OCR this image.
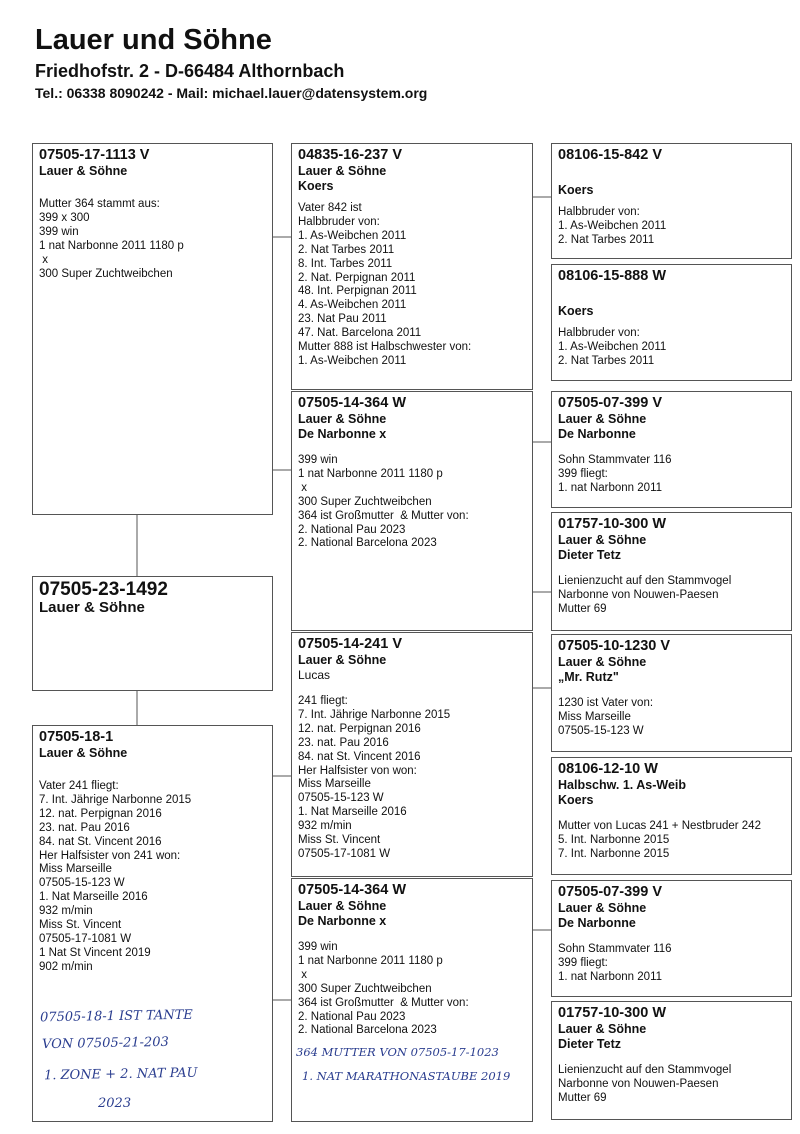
Lauer und Söhne
Friedhofstr. 2 - D-66484 Althornbach
Tel.: 06338 8090242 - Mail: michael.lauer@datensystem.org
07505-17-1113 V
Lauer & Söhne
Mutter 364 stammt aus:
399 x 300
399 win
1 nat Narbonne 2011 1180 p
x
300 Super Zuchtweibchen
07505-23-1492
Lauer & Söhne
07505-18-1
Lauer & Söhne
Vater 241 fliegt:
7. Int. Jährige Narbonne 2015
12. nat. Perpignan 2016
23. nat. Pau 2016
84. nat St. Vincent 2016
Her Halfsister von 241 won:
Miss Marseille
07505-15-123 W
1. Nat Marseille 2016
932 m/min
Miss St. Vincent
07505-17-1081 W
1 Nat St Vincent 2019
902 m/min
04835-16-237 V
Lauer & Söhne
Koers
Vater 842 ist
Halbbruder von:
1. As-Weibchen 2011
2. Nat Tarbes 2011
8. Int. Tarbes 2011
2. Nat. Perpignan 2011
48. Int. Perpignan 2011
4. As-Weibchen 2011
23. Nat Pau 2011
47. Nat. Barcelona 2011
Mutter 888 ist Halbschwester von:
1. As-Weibchen 2011
07505-14-364 W
Lauer & Söhne
De Narbonne x
399 win
1 nat Narbonne 2011 1180 p
x
300 Super Zuchtweibchen
364 ist Großmutter  & Mutter von:
2. National Pau 2023
2. National Barcelona 2023
07505-14-241 V
Lauer & Söhne
Lucas
241 fliegt:
7. Int. Jährige Narbonne 2015
12. nat. Perpignan 2016
23. nat. Pau 2016
84. nat St. Vincent 2016
Her Halfsister von won:
Miss Marseille
07505-15-123 W
1. Nat Marseille 2016
932 m/min
Miss St. Vincent
07505-17-1081 W
07505-14-364 W
Lauer & Söhne
De Narbonne x
399 win
1 nat Narbonne 2011 1180 p
x
300 Super Zuchtweibchen
364 ist Großmutter  & Mutter von:
2. National Pau 2023
2. National Barcelona 2023
08106-15-842 V
Koers
Halbbruder von:
1. As-Weibchen 2011
2. Nat Tarbes 2011
08106-15-888 W
Koers
Halbbruder von:
1. As-Weibchen 2011
2. Nat Tarbes 2011
07505-07-399 V
Lauer & Söhne
De Narbonne
Sohn Stammvater 116
399 fliegt:
1. nat Narbonn 2011
01757-10-300 W
Lauer & Söhne
Dieter Tetz
Lienienzucht auf den Stammvogel
Narbonne von Nouwen-Paesen
Mutter 69
07505-10-1230 V
Lauer & Söhne
„Mr. Rutz"
1230 ist Vater von:
Miss Marseille
07505-15-123 W
08106-12-10 W
Halbschw. 1. As-Weib
Koers
Mutter von Lucas 241 + Nestbruder 242
5. Int. Narbonne 2015
7. Int. Narbonne 2015
07505-07-399 V
Lauer & Söhne
De Narbonne
Sohn Stammvater 116
399 fliegt:
1. nat Narbonn 2011
01757-10-300 W
Lauer & Söhne
Dieter Tetz
Lienienzucht auf den Stammvogel
Narbonne von Nouwen-Paesen
Mutter 69
07505-18-1 IST TANTE
VON 07505-21-203
1. ZONE + 2. NAT PAU
2023
364 MUTTER VON 07505-17-1023
1. NAT MARATHONASTAUBE 2019
